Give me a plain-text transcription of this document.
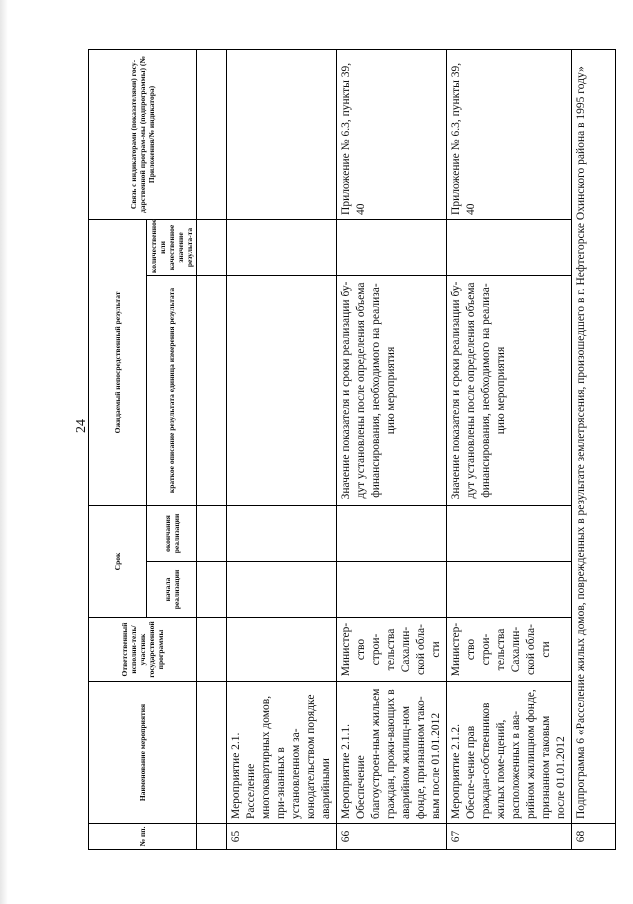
24
№ пп.	Наименование мероприятия	Ответственный исполни-тель/участник государственной программы	Срок		Ожидаемый непосредственный результат		Связь с индикаторами (показателями) госу-дарственной програм-мы (подпрограммы) (№ Приложения/№ индикатора)
			начала реализации	окончания реализации	краткое описание результата единица измерения результата	количественное или качественное значение результа-та	

65	Мероприятие 2.1. Расселение многоквартирных домов, при-знанных в установленном за-конодательством порядке аварийными						
66	Мероприятие 2.1.1. Обеспечение благоустроен-ным жильем граждан, прожи-вающих в аварийном жилищ-ном фонде, признанном тако-вым после 01.01.2012	Министер-ство строи-тельства Сахалин-ской обла-сти			Значение показателя и сроки реализации бу-дут установлены после определения объема финансирования, необходимого на реализа-цию мероприятия		Приложение № 6.3, пункты 39, 40
67	Мероприятие 2.1.2. Обеспе-чение прав граждан-собственников жилых поме-щений, расположенных в ава-рийном жилищном фонде, признанном таковым после 01.01.2012	Министер-ство строи-тельства Сахалин-ской обла-сти			Значение показателя и сроки реализации бу-дут установлены после определения объема финансирования, необходимого на реализа-цию мероприятия		Приложение № 6.3, пункты 39, 40
68	Подпрограмма 6 «Расселение жилых домов, поврежденных в результате землетрясения, произошедшего в г. Нефтегорске Охинского района в 1995 году»						
